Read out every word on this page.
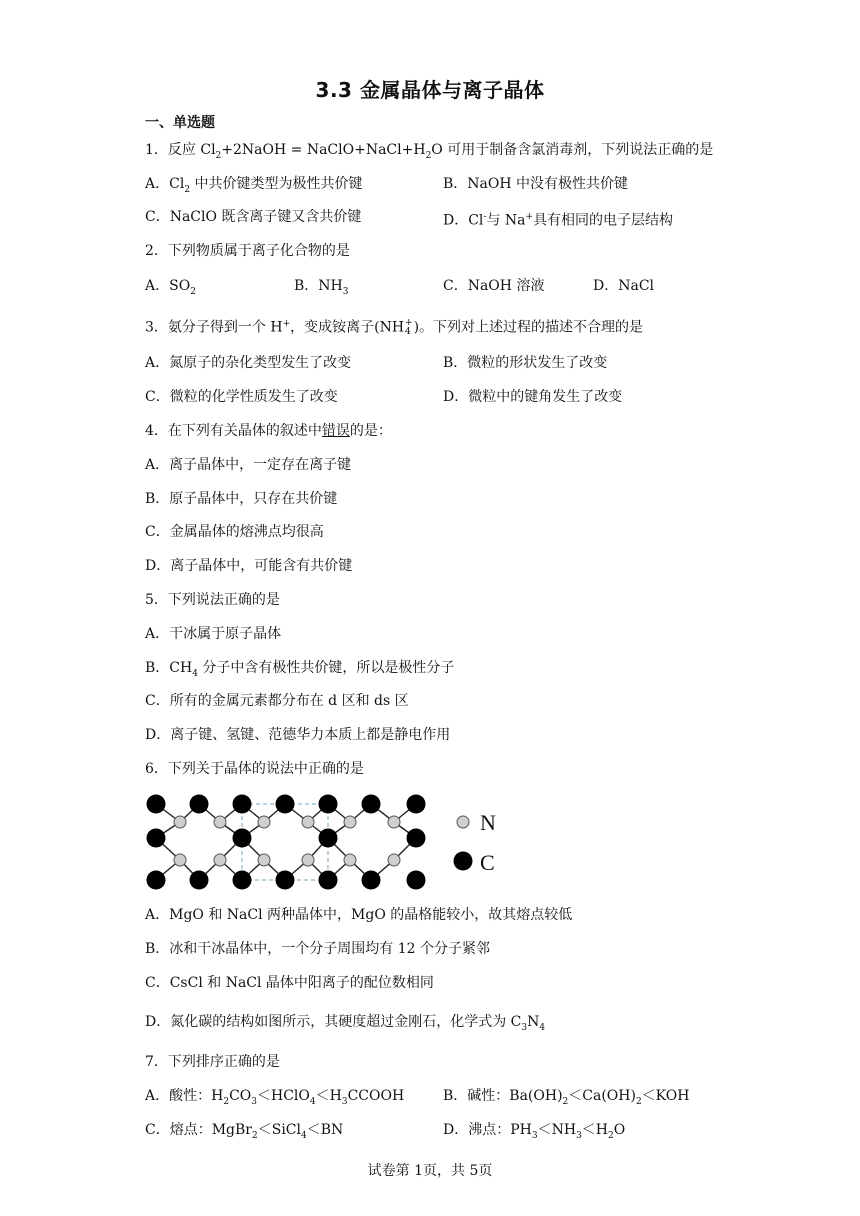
3.3 金属晶体与离子晶体
一、单选题
1．反应 $Cl_2+2NaOH$ = $NaClO+NaCl+H_2O$ 可用于制备含氯消毒剂，下列说法正确的是
A．$Cl_2$ 中共价键类型为极性共价键	B．NaOH 中没有极性共价键
C．NaClO 既含离子键又含共价键	D．Cl-与 Na+具有相同的电子层结构
2．下列物质属于离子化合物的是
A．$SO_2$	B．$NH_3$	C．NaOH 溶液	D．NaCl
3．氨分子得到一个 H+，变成铵离子(NH +
4 )。下列对上述过程的描述不合理的是
A．氮原子的杂化类型发生了改变	B．微粒的形状发生了改变
C．微粒的化学性质发生了改变	D．微粒中的键角发生了改变
4．在下列有关晶体的叙述中错误的是：
A．离子晶体中，一定存在离子键
B．原子晶体中，只存在共价键
C．金属晶体的熔沸点均很高
D．离子晶体中，可能含有共价键
5．下列说法正确的是
A．干冰属于原子晶体
B．$CH_4$ 分子中含有极性共价键，所以是极性分子
C．所有的金属元素都分布在 d 区和 ds 区
D．离子键、氢键、范德华力本质上都是静电作用
6．下列关于晶体的说法中正确的是
N
C
A．MgO 和 NaCl 两种晶体中，MgO 的晶格能较小，故其熔点较低
B．冰和干冰晶体中，一个分子周围均有 12 个分子紧邻
C．CsCl 和 NaCl 晶体中阳离子的配位数相同
D．氮化碳的结构如图所示，其硬度超过金刚石，化学式为 $C_3N_4$
7．下列排序正确的是
A．酸性：$H_2CO_3<HClO_4<H_3CCOOH$	B．碱性：$Ba(OH)_2<Ca(OH)_2<KOH$
C．熔点：MgBr$_2$＜SiCl$_4$＜BN	D．沸点：$PH_3<NH_3<H_2O$
试卷第 1页，共 5页
